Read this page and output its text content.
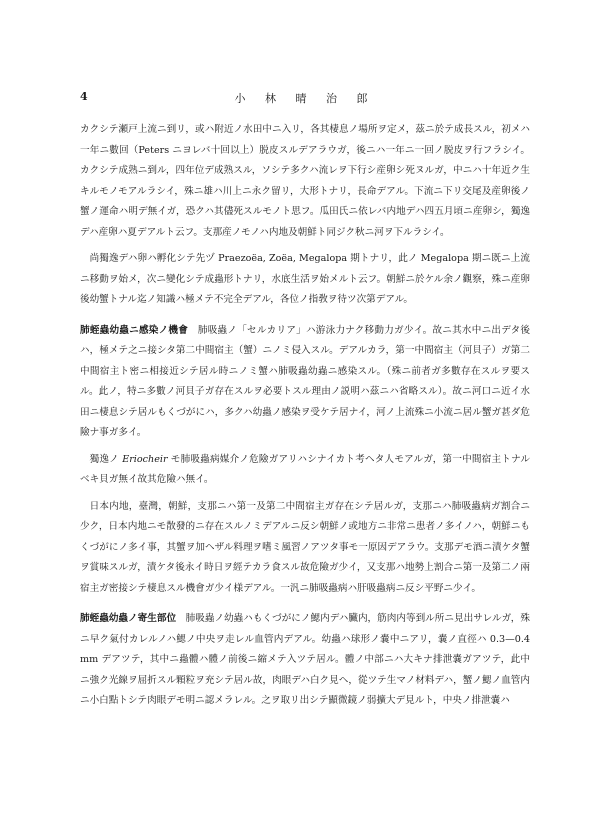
4	小 林 晴 治 郎

カクシテ瀬戸上流ニ到リ，或ハ附近ノ水田中ニ入リ，各其棲息ノ場所ヲ定メ，茲ニ於テ成長スル，初メハ一年ニ數回（Peters ニヨレバ十回以上）脱皮スルデアラウガ，後ニハ一年ニ一回ノ脱皮ヲ行フラシイ。カクシテ成熟ニ到ル，四年位デ成熟スル，ソシテ多クハ流レヲ下行シ産卵シ死ヌルガ，中ニハ十年近ク生キルモノモアルラシイ，殊ニ雄ハ川上ニ永ク留リ，大形トナリ，長命デアル。下流ニ下リ交尾及産卵後ノ蟹ノ運命ハ明デ無イガ，恐クハ其儘死スルモノト思フ。瓜田氏ニ依レバ内地デハ四五月頃ニ産卵シ，獨逸デハ産卵ハ夏デアルト云フ。支那産ノモノハ内地及朝鮮ト同ジク秋ニ河ヲ下ルラシイ。

尚獨逸デハ卵ハ孵化シテ先ヅ Praezoëa, Zoëa, Megalopa 期トナリ，此ノ Megalopa 期ニ既ニ上流ニ移動ヲ始メ，次ニ變化シテ成蟲形トナリ，水底生活ヲ始メルト云フ。朝鮮ニ於ケル余ノ觀察，殊ニ産卵後幼蟹トナル迄ノ知識ハ極メテ不完全デアル，各位ノ指敎ヲ待ツ次第デアル。

肺蛭蟲幼蟲ニ感染ノ機會　 肺吸蟲ノ「セルカリア」ハ游泳力ナク移動力ガ少イ。故ニ其水中ニ出デタ後ハ，極メテ之ニ接シタ第二中間宿主（蟹）ニノミ侵入スル。デアルカラ，第一中間宿主（河貝子）ガ第二中間宿主ト密ニ相接近シテ居ル時ニノミ蟹ハ肺吸蟲幼蟲ニ感染スル。（殊ニ前者ガ多數存在スルヲ要スル。此ノ，特ニ多數ノ河貝子ガ存在スルヲ必要トスル理由ノ説明ハ茲ニハ省略スル）。故ニ河口ニ近イ水田ニ棲息シテ居ルもくづがにハ，多クハ幼蟲ノ感染ヲ受ケテ居ナイ，河ノ上流殊ニ小流ニ居ル蟹ガ甚ダ危險ナ事ガ多イ。

獨逸ノ Eriocheir モ肺吸蟲病媒介ノ危險ガアリハシナイカト考ヘタ人モアルガ，第一中間宿主トナルベキ貝ガ無イ故其危險ハ無イ。

日本内地，臺灣，朝鮮，支那ニハ第一及第二中間宿主ガ存在シテ居ルガ，支那ニハ肺吸蟲病ガ割合ニ少ク，日本内地ニモ散發的ニ存在スルノミデアルニ反シ朝鮮ノ或地方ニ非常ニ患者ノ多イノハ，朝鮮ニもくづがにノ多イ事，其蟹ヲ加ヘザル料理ヲ嗜ミ風習ノアツタ事モ一原因デアラウ。支那デモ酒ニ漬ケタ蟹ヲ賞味スルガ，漬ケタ後永イ時日ヲ經テカラ食スル故危險ガ少イ，又支那ハ地勢上割合ニ第一及第二ノ兩宿主ガ密接シテ棲息スル機會ガ少イ様デアル。一汎ニ肺吸蟲病ハ肝吸蟲病ニ反シ平野ニ少イ。

肺蛭蟲幼蟲ノ寄生部位　 肺吸蟲ノ幼蟲ハもくづがにノ鰓内デハ臟内，筋肉内等到ル所ニ見出サレルガ，殊ニ早ク氣付カレルノハ鰓ノ中央ヲ走レル血管内デアル。幼蟲ハ球形ノ嚢中ニアリ，嚢ノ直徑ハ 0.3—0.4 mm デアツテ，其中ニ蟲體ハ體ノ前後ニ縮メテ入ツテ居ル。體ノ中部ニハ大キナ排泄嚢ガアツテ，此中ニ強ク光線ヲ屈折スル顆粒ヲ充シテ居ル故，肉眼デハ白ク見ヘ，從ツテ生マノ材料デハ，蟹ノ鰓ノ血管内ニ小白點トシテ肉眼デモ明ニ認メラレル。之ヲ取リ出シテ顯微鏡ノ弱擴大デ見ルト，中央ノ排泄嚢ハ
